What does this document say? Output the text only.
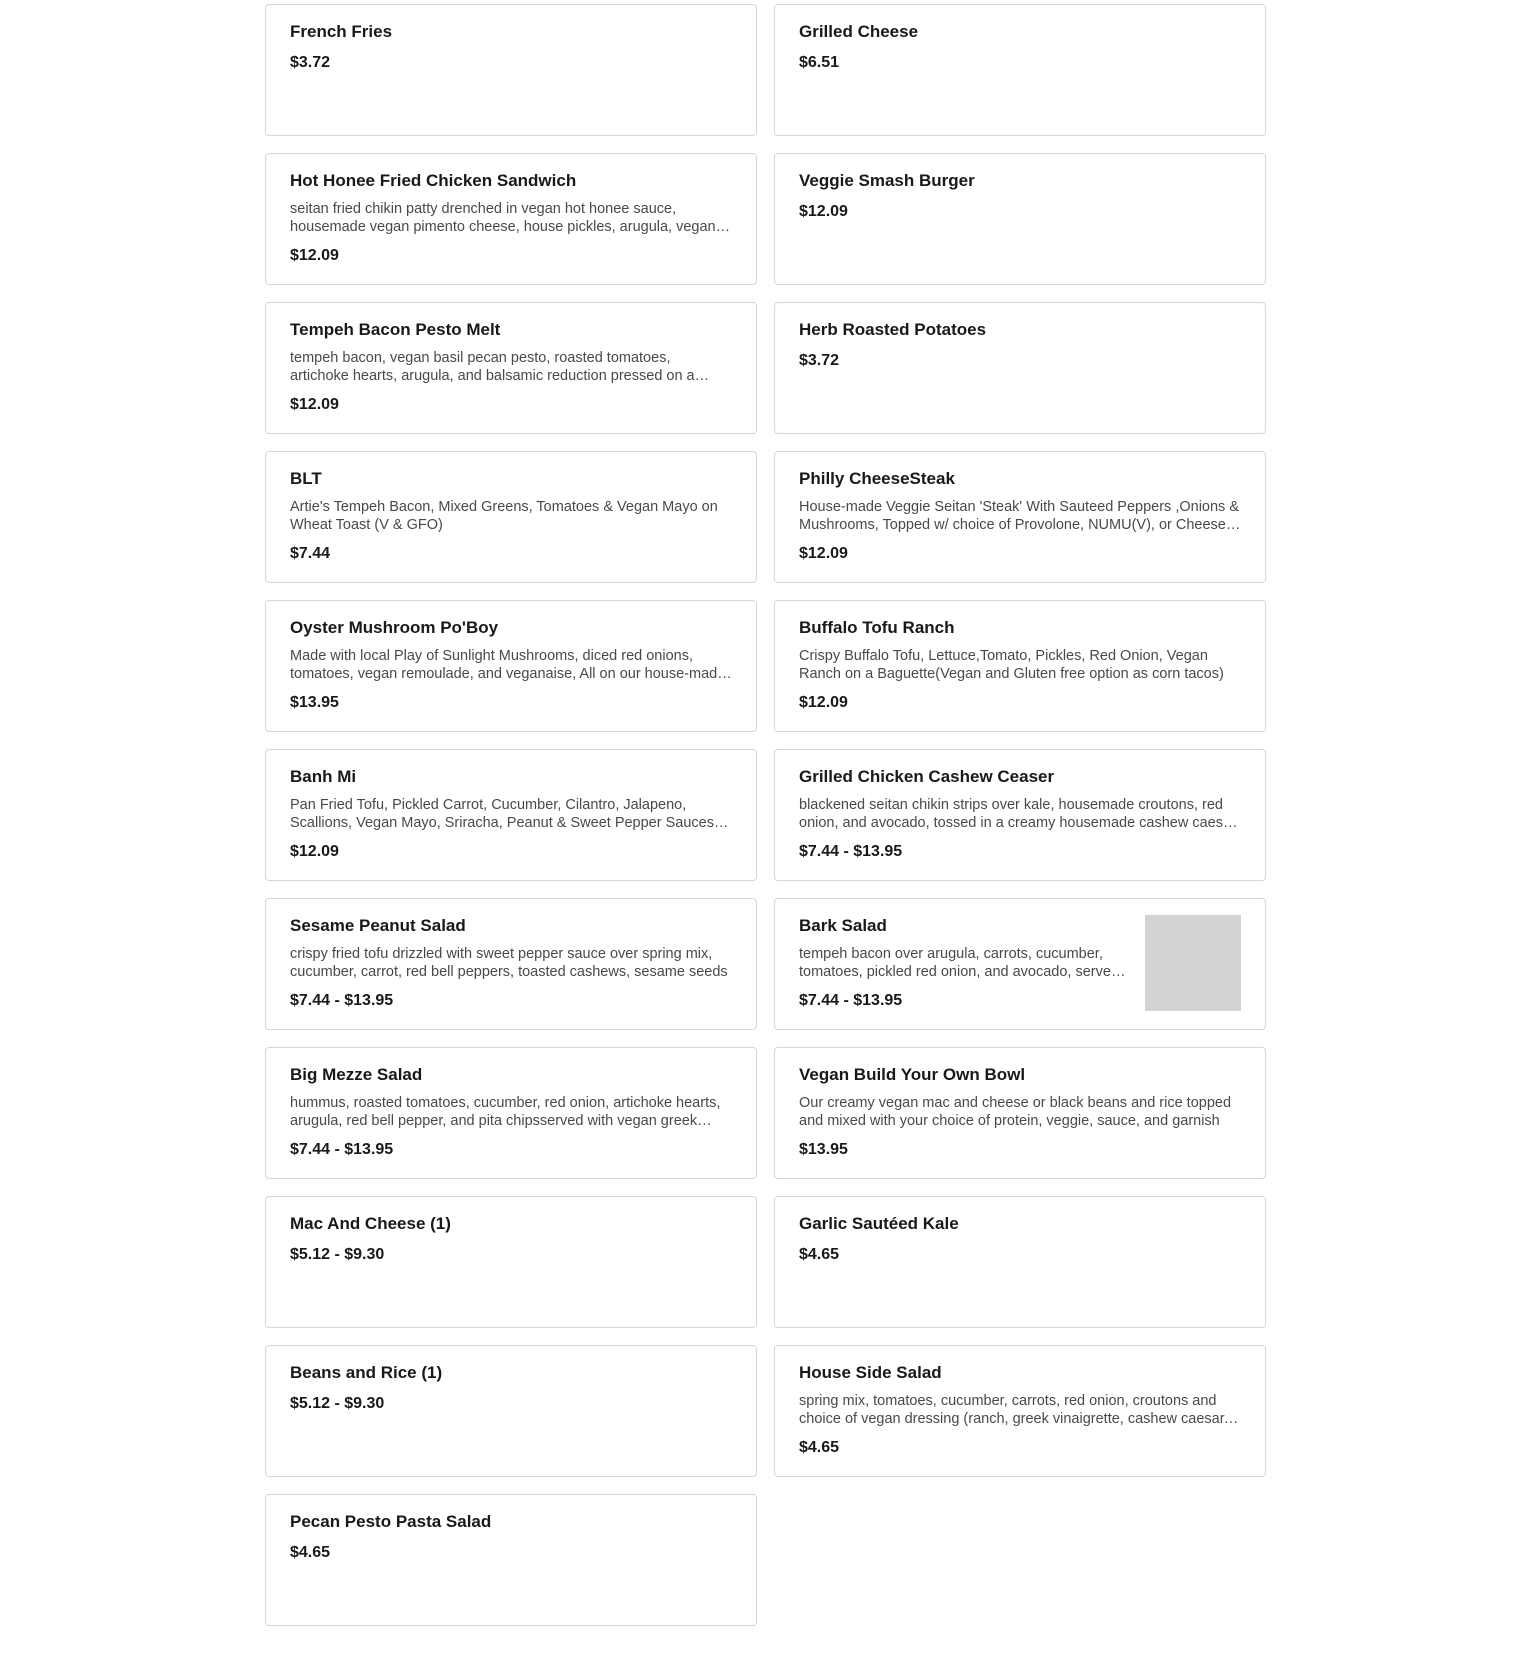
French Fries
$3.72
Grilled Cheese
$6.51
Hot Honee Fried Chicken Sandwich
seitan fried chikin patty drenched in vegan hot honee sauce, housemade vegan pimento cheese, house pickles, arugula, vegan
$12.09
Veggie Smash Burger
$12.09
Tempeh Bacon Pesto Melt
tempeh bacon, vegan basil pecan pesto, roasted tomatoes, artichoke hearts, arugula, and balsamic reduction pressed on a
$12.09
Herb Roasted Potatoes
$3.72
BLT
Artie's Tempeh Bacon, Mixed Greens, Tomatoes & Vegan Mayo on Wheat Toast (V & GFO)
$7.44
Philly CheeseSteak
House-made Veggie Seitan 'Steak' With Sauteed Peppers ,Onions & Mushrooms, Topped w/ choice of Provolone, NUMU(V), or Cheese
$12.09
Oyster Mushroom Po'Boy
Made with local Play of Sunlight Mushrooms, diced red onions, tomatoes, vegan remoulade, and veganaise, All on our house-made
$13.95
Buffalo Tofu Ranch
Crispy Buffalo Tofu, Lettuce,Tomato, Pickles, Red Onion, Vegan Ranch on a Baguette(Vegan and Gluten free option as corn tacos)
$12.09
Banh Mi
Pan Fried Tofu, Pickled Carrot, Cucumber, Cilantro, Jalapeno, Scallions, Vegan Mayo, Sriracha, Peanut & Sweet Pepper Sauces
$12.09
Grilled Chicken Cashew Ceaser
blackened seitan chikin strips over kale, housemade croutons, red onion, and avocado, tossed in a creamy housemade cashew caesar
$7.44 - $13.95
Sesame Peanut Salad
crispy fried tofu drizzled with sweet pepper sauce over spring mix, cucumber, carrot, red bell peppers, toasted cashews, sesame seeds
$7.44 - $13.95
Bark Salad
tempeh bacon over arugula, carrots, cucumber, tomatoes, pickled red onion, and avocado, served
$7.44 - $13.95
Big Mezze Salad
hummus, roasted tomatoes, cucumber, red onion, artichoke hearts, arugula, red bell pepper, and pita chipsserved with vegan greek
$7.44 - $13.95
Vegan Build Your Own Bowl
Our creamy vegan mac and cheese or black beans and rice topped and mixed with your choice of protein, veggie, sauce, and garnish
$13.95
Mac And Cheese (1)
$5.12 - $9.30
Garlic Sautéed Kale
$4.65
Beans and Rice (1)
$5.12 - $9.30
House Side Salad
spring mix, tomatoes, cucumber, carrots, red onion, croutons and choice of vegan dressing (ranch, greek vinaigrette, cashew caesar,
$4.65
Pecan Pesto Pasta Salad
$4.65
